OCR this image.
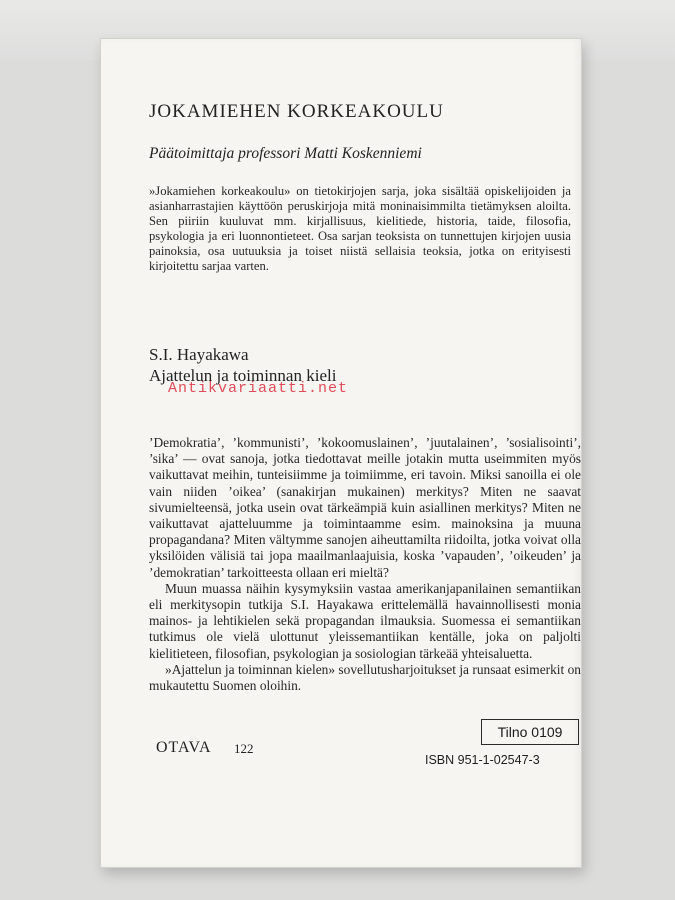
JOKAMIEHEN KORKEAKOULU
Päätoimittaja professori Matti Koskenniemi
»Jokamiehen korkeakoulu» on tietokirjojen sarja, joka sisältää opiskelijoiden ja asianharrastajien käyttöön peruskirjoja mitä moninaisimmilta tietämyksen aloilta. Sen piiriin kuuluvat mm. kirjallisuus, kielitiede, historia, taide, filosofia, psykologia ja eri luonnontieteet. Osa sarjan teoksista on tunnettujen kirjojen uusia painoksia, osa uutuuksia ja toiset niistä sellaisia teoksia, jotka on erityisesti kirjoitettu sarjaa varten.
S.I. Hayakawa
Ajattelun ja toiminnan kieli

’Demokratia’, ’kommunisti’, ’kokoomuslainen’, ’juutalainen’, ’sosialisointi’, ’sika’ — ovat sanoja, jotka tiedottavat meille jotakin mutta useimmiten myös vaikuttavat meihin, tunteisiimme ja toimiimme, eri tavoin. Miksi sanoilla ei ole vain niiden ’oikea’ (sanakirjan mukainen) merkitys? Miten ne saavat sivumielteensä, jotka usein ovat tärkeämpiä kuin asiallinen merkitys? Miten ne vaikuttavat ajatteluumme ja toimintaamme esim. mainoksina ja muuna propagandana? Miten vältymme sanojen aiheuttamilta riidoilta, jotka voivat olla yksilöiden välisiä tai jopa maailmanlaajuisia, koska ’vapauden’, ’oikeuden’ ja ’demokratian’ tarkoitteesta ollaan eri mieltä?

Muun muassa näihin kysymyksiin vastaa amerikanjapanilainen semantiikan eli merkitysopin tutkija S.I. Hayakawa erittelemällä havainnollisesti monia mainos- ja lehtikielen sekä propagandan ilmauksia. Suomessa ei semantiikan tutkimus ole vielä ulottunut yleissemantiikan kentälle, joka on paljolti kielitieteen, filosofian, psykologian ja sosiologian tärkeää yhteisaluetta.

»Ajattelun ja toiminnan kielen» sovellutusharjoitukset ja runsaat esimerkit on mukautettu Suomen oloihin.

OTAVA 122
Tilno 0109
ISBN 951-1-02547-3
Antikvariaatti.net
